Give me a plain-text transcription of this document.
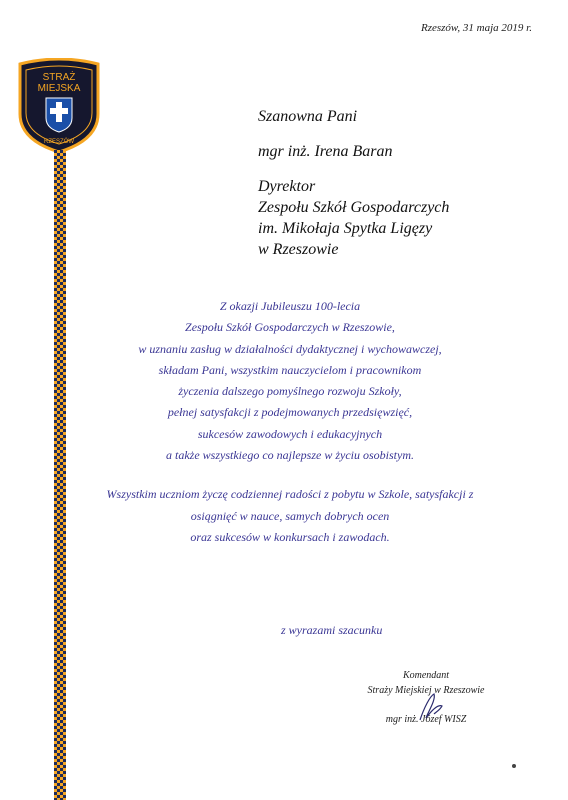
Rzeszów, 31 maja 2019 r.
STRAŻ
MIEJSKA
RZESZÓW
Szanowna Pani
mgr inż. Irena Baran
Dyrektor
Zespołu Szkół Gospodarczych
im. Mikołaja Spytka Ligęzy
w Rzeszowie
Z okazji Jubileuszu 100-lecia
Zespołu Szkół Gospodarczych w Rzeszowie,
w uznaniu zasług w działalności dydaktycznej i wychowawczej,
składam Pani, wszystkim nauczycielom i pracownikom
życzenia dalszego pomyślnego rozwoju Szkoły,
pełnej satysfakcji z podejmowanych przedsięwzięć,
sukcesów zawodowych i edukacyjnych
a także wszystkiego co najlepsze w życiu osobistym.
Wszystkim uczniom życzę codziennej radości z pobytu w Szkole, satysfakcji z
osiągnięć w nauce, samych dobrych ocen
oraz sukcesów w konkursach i zawodach.
z wyrazami szacunku
Komendant
Straży Miejskiej w Rzeszowie
mgr inż. Józef WISZ
